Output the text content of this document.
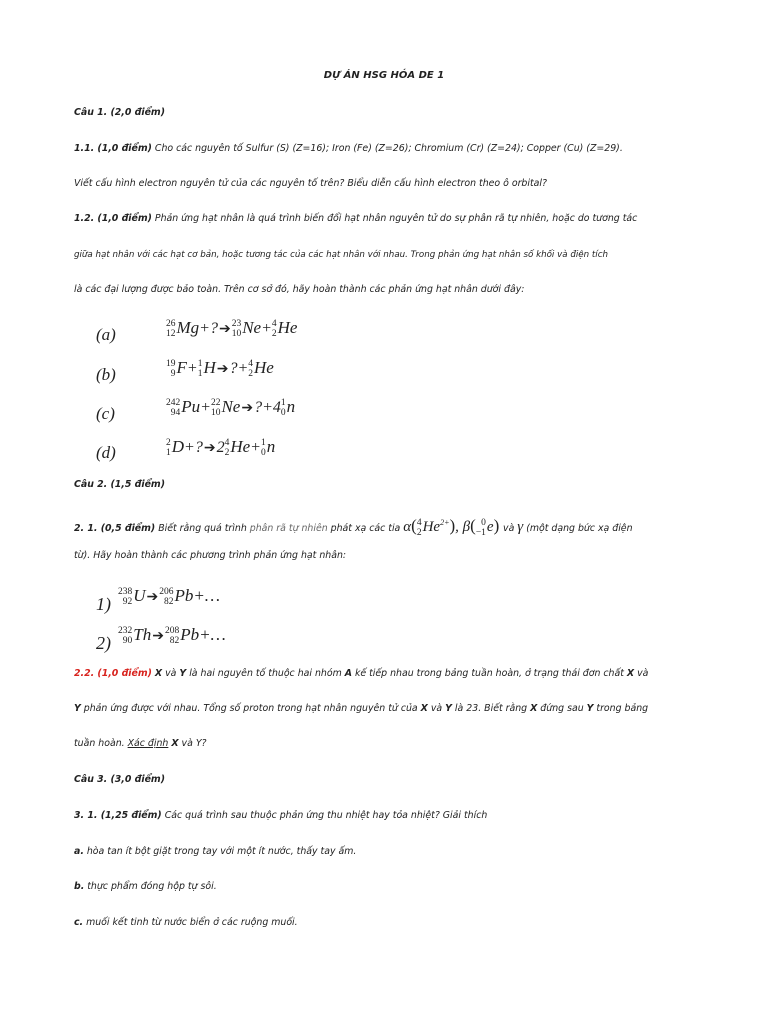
DỰ ÁN HSG HÓA DE 1
Câu 1. (2,0 điểm)
1.1. (1,0 điểm) Cho các nguyên tố Sulfur (S) (Z=16); Iron (Fe) (Z=26); Chromium (Cr) (Z=24); Copper (Cu) (Z=29).
Viết cấu hình electron nguyên tử của các nguyên tố trên? Biểu diễn cấu hình electron theo ô orbital?
1.2. (1,0 điểm) Phản ứng hạt nhân là quá trình biến đổi hạt nhân nguyên tử do sự phân rã tự nhiên, hoặc do tương tác
giữa hạt nhân với các hạt cơ bản, hoặc tương tác của các hạt nhân với nhau. Trong phản ứng hạt nhân số khối và điện tích
là các đại lượng được bảo toàn. Trên cơ sở đó, hãy hoàn thành các phản ứng hạt nhân dưới đây:
(a)
26
12 Mg+?➔ 23
10 Ne+ 4
2 He
(b)
19
9 F+ 1
1 H➔?+ 4
2 He
(c)
242
94 Pu+ 22
10 Ne➔?+4 1
0 n
(d)	2
1 D+?➔2 4
2 He+ 1
0 n
Câu 2. (1,5 điểm)
2. 1. (0,5 điểm) Biết rằng quá trình phân rã tự nhiên phát xạ các tia α( 4
2 $He^{2+}$), β( 0
−1 e) và γ (một dạng bức xạ điện
từ). Hãy hoàn thành các phương trình phản ứng hạt nhân:
1)
238
92 U➔ 206
82 Pb+…
2)
232
90 Th➔ 208
82 Pb+…
2.2. (1,0 điểm) X và Y là hai nguyên tố thuộc hai nhóm A kế tiếp nhau trong bảng tuần hoàn, ở trạng thái đơn chất X và
Y phản ứng được với nhau. Tổng số proton trong hạt nhân nguyên tử của X và Y là 23. Biết rằng X đứng sau Y trong bảng
tuần hoàn. Xác định X và Y?
Câu 3. (3,0 điểm)
3. 1. (1,25 điểm) Các quá trình sau thuộc phản ứng thu nhiệt hay tỏa nhiệt? Giải thích
a. hòa tan ít bột giặt trong tay với một ít nước, thấy tay ấm.
b. thực phẩm đóng hộp tự sôi.
c. muối kết tinh từ nước biển ở các ruộng muối.
